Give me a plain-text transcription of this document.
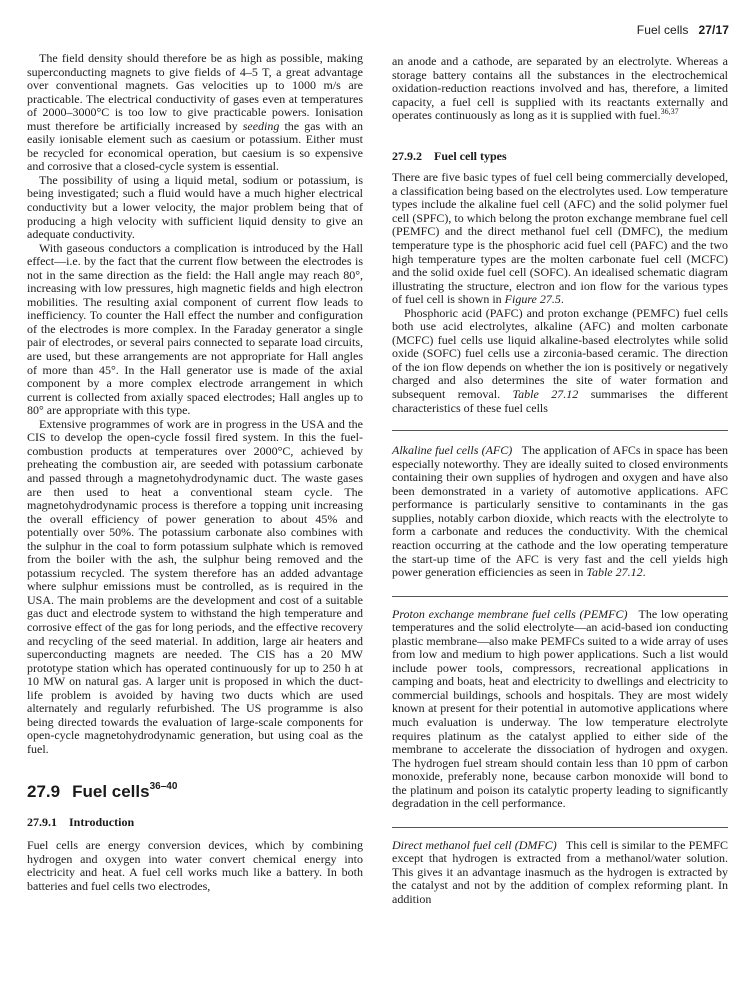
Fuel cells 27/17

The field density should therefore be as high as possible, making superconducting magnets to give fields of 4–5 T, a great advantage over conventional magnets. Gas velocities up to 1000 m/s are practicable. The electrical conductivity of gases even at temperatures of 2000–3000°C is too low to give practicable powers. Ionisation must therefore be artificially increased by seeding the gas with an easily ionisable element such as caesium or potassium. Either must be recycled for economical operation, but caesium is so expensive and corrosive that a closed-cycle system is essential.

The possibility of using a liquid metal, sodium or potassium, is being investigated; such a fluid would have a much higher electrical conductivity but a lower velocity, the major problem being that of producing a high velocity with sufficient liquid density to give an adequate conductivity.

With gaseous conductors a complication is introduced by the Hall effect—i.e. by the fact that the current flow between the electrodes is not in the same direction as the field: the Hall angle may reach 80°, increasing with low pressures, high magnetic fields and high electron mobilities. The resulting axial component of current flow leads to inefficiency. To counter the Hall effect the number and configuration of the electrodes is more complex. In the Faraday generator a single pair of electrodes, or several pairs connected to separate load circuits, are used, but these arrangements are not appropriate for Hall angles of more than 45°. In the Hall generator use is made of the axial component by a more complex electrode arrangement in which current is collected from axially spaced electrodes; Hall angles up to 80° are appropriate with this type.

Extensive programmes of work are in progress in the USA and the CIS to develop the open-cycle fossil fired system. In this the fuel-combustion products at temperatures over 2000°C, achieved by preheating the combustion air, are seeded with potassium carbonate and passed through a magnetohydrodynamic duct. The waste gases are then used to heat a conventional steam cycle. The magnetohydrodynamic process is therefore a topping unit increasing the overall efficiency of power generation to about 45% and potentially over 50%. The potassium carbonate also combines with the sulphur in the coal to form potassium sulphate which is removed from the boiler with the ash, the sulphur being removed and the potassium recycled. The system therefore has an added advantage where sulphur emissions must be controlled, as is required in the USA. The main problems are the development and cost of a suitable gas duct and electrode system to withstand the high temperature and corrosive effect of the gas for long periods, and the effective recovery and recycling of the seed material. In addition, large air heaters and superconducting magnets are needed. The CIS has a 20 MW prototype station which has operated continuously for up to 250 h at 10 MW on natural gas. A larger unit is proposed in which the duct-life problem is avoided by having two ducts which are used alternately and regularly refurbished. The US programme is also being directed towards the evaluation of large-scale components for open-cycle magnetohydrodynamic generation, but using coal as the fuel.

27.9 Fuel cells$^{36-40}$

27.9.1 Introduction

Fuel cells are energy conversion devices, which by combining hydrogen and oxygen into water convert chemical energy into electricity and heat. A fuel cell works much like a battery. In both batteries and fuel cells two electrodes,

an anode and a cathode, are separated by an electrolyte. Whereas a storage battery contains all the substances in the electrochemical oxidation-reduction reactions involved and has, therefore, a limited capacity, a fuel cell is supplied with its reactants externally and operates continuously as long as it is supplied with fuel.$^{36,37}$

27.9.2 Fuel cell types

There are five basic types of fuel cell being commercially developed, a classification being based on the electrolytes used. Low temperature types include the alkaline fuel cell (AFC) and the solid polymer fuel cell (SPFC), to which belong the proton exchange membrane fuel cell (PEMFC) and the direct methanol fuel cell (DMFC), the medium temperature type is the phosphoric acid fuel cell (PAFC) and the two high temperature types are the molten carbonate fuel cell (MCFC) and the solid oxide fuel cell (SOFC). An idealised schematic diagram illustrating the structure, electron and ion flow for the various types of fuel cell is shown in Figure 27.5.

Phosphoric acid (PAFC) and proton exchange (PEMFC) fuel cells both use acid electrolytes, alkaline (AFC) and molten carbonate (MCFC) fuel cells use liquid alkaline-based electrolytes while solid oxide (SOFC) fuel cells use a zirconia-based ceramic. The direction of the ion flow depends on whether the ion is positively or negatively charged and also determines the site of water formation and subsequent removal. Table 27.12 summarises the different characteristics of these fuel cells

Alkaline fuel cells (AFC) The application of AFCs in space has been especially noteworthy. They are ideally suited to closed environments containing their own supplies of hydrogen and oxygen and have also been demonstrated in a variety of automotive applications. AFC performance is particularly sensitive to contaminants in the gas supplies, notably carbon dioxide, which reacts with the electrolyte to form a carbonate and reduces the conductivity. With the chemical reaction occurring at the cathode and the low operating temperature the start-up time of the AFC is very fast and the cell yields high power generation efficiencies as seen in Table 27.12.

Proton exchange membrane fuel cells (PEMFC) The low operating temperatures and the solid electrolyte—an acid-based ion conducting plastic membrane—also make PEMFCs suited to a wide array of uses from low and medium to high power applications. Such a list would include power tools, compressors, recreational applications in camping and boats, heat and electricity to dwellings and electricity to commercial buildings, schools and hospitals. They are most widely known at present for their potential in automotive applications where much evaluation is underway. The low temperature electrolyte requires platinum as the catalyst applied to either side of the membrane to accelerate the dissociation of hydrogen and oxygen. The hydrogen fuel stream should contain less than 10 ppm of carbon monoxide, preferably none, because carbon monoxide will bond to the platinum and poison its catalytic property leading to significantly degradation in the cell performance.

Direct methanol fuel cell (DMFC) This cell is similar to the PEMFC except that hydrogen is extracted from a methanol/water solution. This gives it an advantage inasmuch as the hydrogen is extracted by the catalyst and not by the addition of complex reforming plant. In addition
